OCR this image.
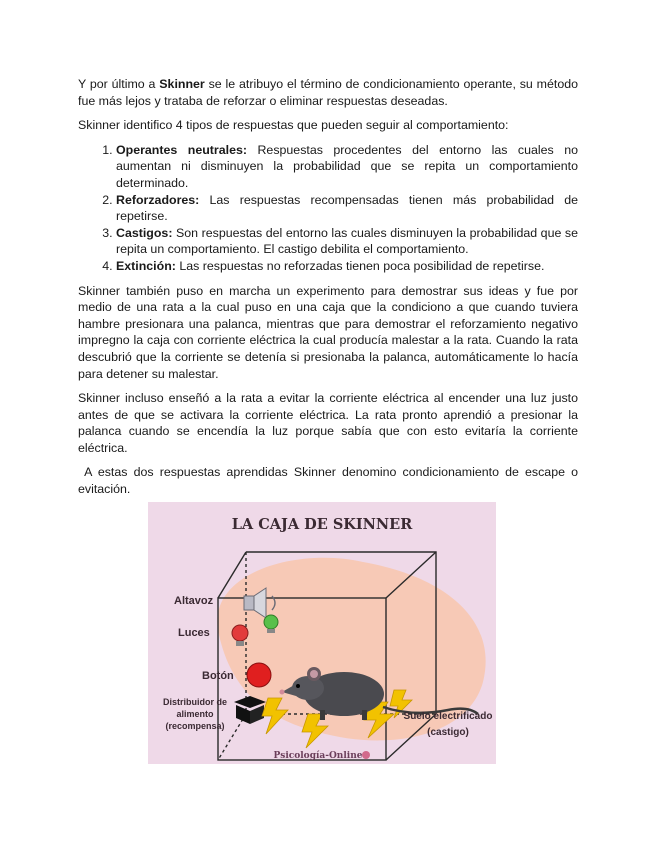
Y por último a Skinner se le atribuyo el término de condicionamiento operante, su método fue más lejos y trataba de reforzar o eliminar respuestas deseadas.

Skinner identifico 4 tipos de respuestas que pueden seguir al comportamiento:

1. Operantes neutrales: Respuestas procedentes del entorno las cuales no aumentan ni disminuyen la probabilidad que se repita un comportamiento determinado.
2. Reforzadores: Las respuestas recompensadas tienen más probabilidad de repetirse.
3. Castigos: Son respuestas del entorno las cuales disminuyen la probabilidad que se repita un comportamiento. El castigo debilita el comportamiento.
4. Extinción: Las respuestas no reforzadas tienen poca posibilidad de repetirse.

Skinner también puso en marcha un experimento para demostrar sus ideas y fue por medio de una rata a la cual puso en una caja que la condiciono a que cuando tuviera hambre presionara una palanca, mientras que para demostrar el reforzamiento negativo impregno la caja con corriente eléctrica la cual producía malestar a la rata. Cuando la rata descubrió que la corriente se detenía si presionaba la palanca, automáticamente lo hacía para detener su malestar.

Skinner incluso enseñó a la rata a evitar la corriente eléctrica al encender una luz justo antes de que se activara la corriente eléctrica. La rata pronto aprendió a presionar la palanca cuando se encendía la luz porque sabía que con esto evitaría la corriente eléctrica.

A estas dos respuestas aprendidas Skinner denomino condicionamiento de escape o evitación.

LA CAJA DE SKINNER
Altavoz
Luces
Botón
Distribuidor de
alimento
(recompensa)
Suelo electrificado
(castigo)
Psicología-Online
